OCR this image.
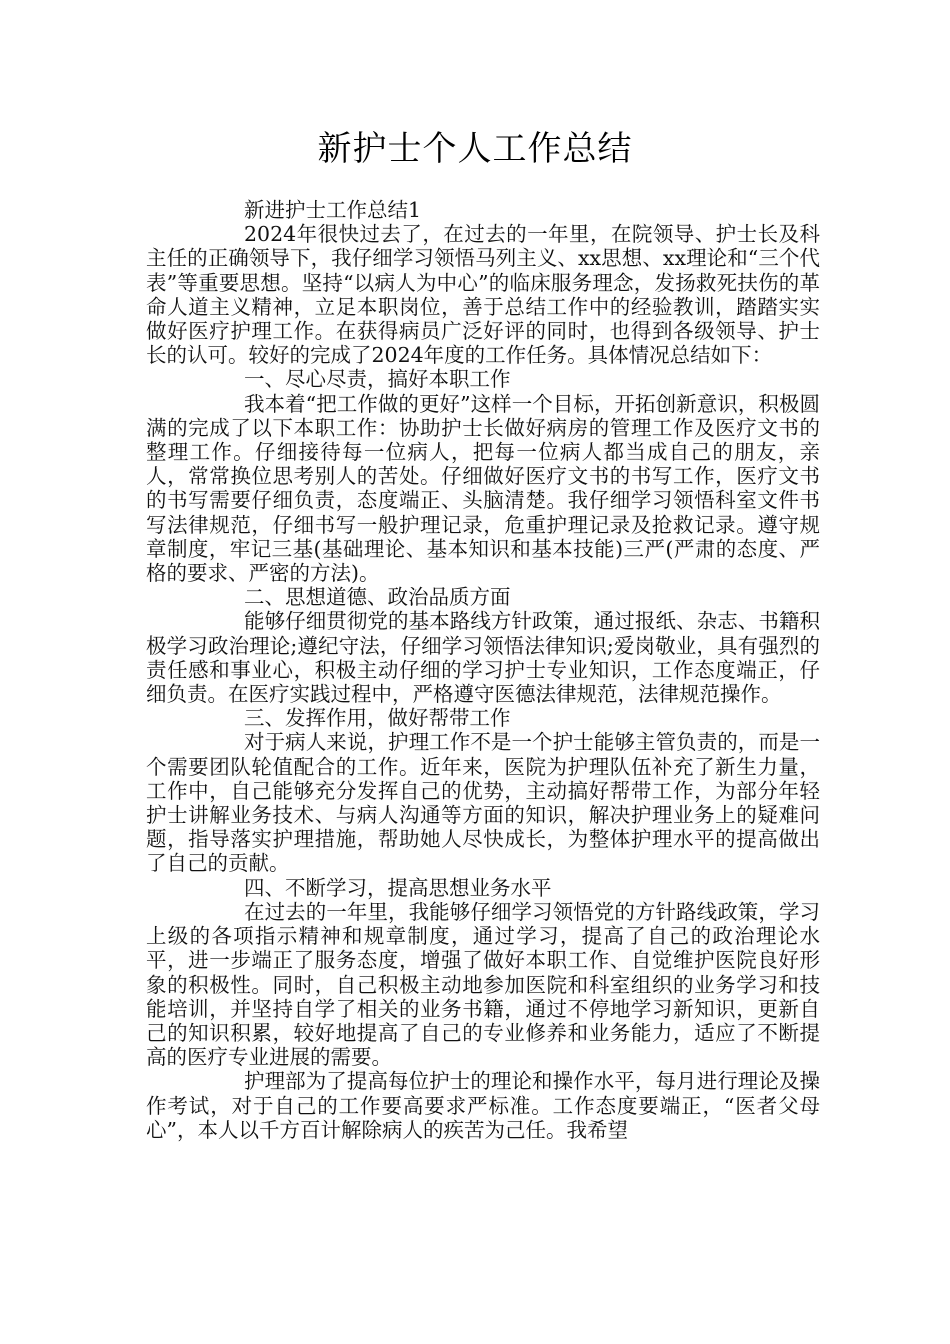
新护士个人工作总结

新进护士工作总结1

2024年很快过去了，在过去的一年里，在院领导、护士长及科主任的正确领导下，我仔细学习领悟马列主义、xx思想、xx理论和“三个代表”等重要思想。坚持“以病人为中心”的临床服务理念，发扬救死扶伤的革命人道主义精神，立足本职岗位，善于总结工作中的经验教训，踏踏实实做好医疗护理工作。在获得病员广泛好评的同时，也得到各级领导、护士长的认可。较好的完成了2024年度的工作任务。具体情况总结如下：

一、尽心尽责，搞好本职工作

我本着“把工作做的更好”这样一个目标，开拓创新意识，积极圆满的完成了以下本职工作：协助护士长做好病房的管理工作及医疗文书的整理工作。仔细接待每一位病人，把每一位病人都当成自己的朋友，亲人，常常换位思考别人的苦处。仔细做好医疗文书的书写工作，医疗文书的书写需要仔细负责，态度端正、头脑清楚。我仔细学习领悟科室文件书写法律规范，仔细书写一般护理记录，危重护理记录及抢救记录。遵守规章制度，牢记三基(基础理论、基本知识和基本技能)三严(严肃的态度、严格的要求、严密的方法)。

二、思想道德、政治品质方面

能够仔细贯彻党的基本路线方针政策，通过报纸、杂志、书籍积极学习政治理论;遵纪守法，仔细学习领悟法律知识;爱岗敬业，具有强烈的责任感和事业心，积极主动仔细的学习护士专业知识，工作态度端正，仔细负责。在医疗实践过程中，严格遵守医德法律规范，法律规范操作。

三、发挥作用，做好帮带工作

对于病人来说，护理工作不是一个护士能够主管负责的，而是一个需要团队轮值配合的工作。近年来，医院为护理队伍补充了新生力量，工作中，自己能够充分发挥自己的优势，主动搞好帮带工作，为部分年轻护士讲解业务技术、与病人沟通等方面的知识，解决护理业务上的疑难问题，指导落实护理措施，帮助她人尽快成长，为整体护理水平的提高做出了自己的贡献。

四、不断学习，提高思想业务水平

在过去的一年里，我能够仔细学习领悟党的方针路线政策，学习上级的各项指示精神和规章制度，通过学习，提高了自己的政治理论水平，进一步端正了服务态度，增强了做好本职工作、自觉维护医院良好形象的积极性。同时，自己积极主动地参加医院和科室组织的业务学习和技能培训，并坚持自学了相关的业务书籍，通过不停地学习新知识，更新自己的知识积累，较好地提高了自己的专业修养和业务能力，适应了不断提高的医疗专业进展的需要。

护理部为了提高每位护士的理论和操作水平，每月进行理论及操作考试，对于自己的工作要高要求严标准。工作态度要端正，“医者父母心”，本人以千方百计解除病人的疾苦为己任。我希望
